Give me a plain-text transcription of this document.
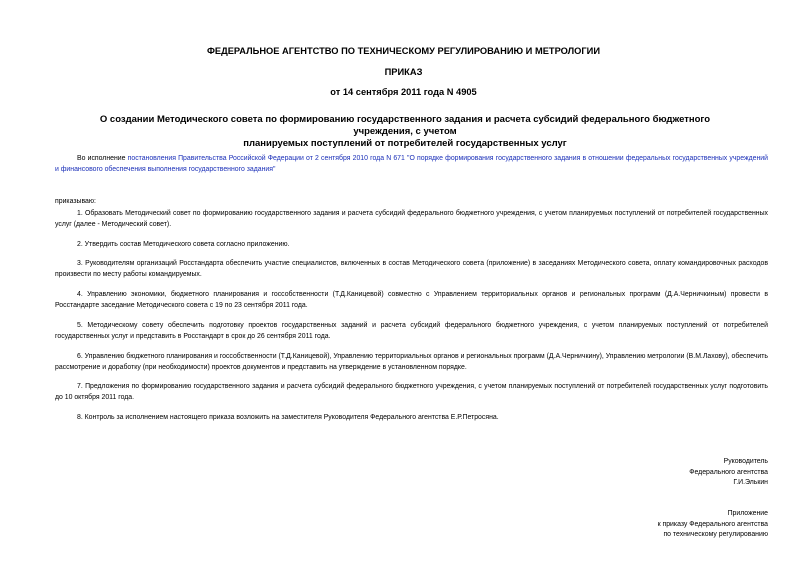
ФЕДЕРАЛЬНОЕ АГЕНТСТВО ПО ТЕХНИЧЕСКОМУ РЕГУЛИРОВАНИЮ И МЕТРОЛОГИИ
ПРИКАЗ
от 14 сентября 2011 года N 4905
О создании Методического совета по формированию государственного задания и расчета субсидий федерального бюджетного учреждения, с учетом
планируемых поступлений от потребителей государственных услуг
Во исполнение постановления Правительства Российской Федерации от 2 сентября 2010 года N 671 "О порядке формирования государственного задания в отношении федеральных государственных учреждений и финансового обеспечения выполнения государственного задания"
приказываю:
1. Образовать Методический совет по формированию государственного задания и расчета субсидий федерального бюджетного учреждения, с учетом планируемых поступлений от потребителей государственных услуг (далее - Методический совет).
2. Утвердить состав Методического совета согласно приложению.
3. Руководителям организаций Росстандарта обеспечить участие специалистов, включенных в состав Методического совета (приложение) в заседаниях Методического совета, оплату командировочных расходов произвести по месту работы командируемых.
4. Управлению экономики, бюджетного планирования и госсобственности (Т.Д.Каницевой) совместно с Управлением территориальных органов и региональных программ (Д.А.Черничкиным) провести в Росстандарте заседание Методического совета с 19 по 23 сентября 2011 года.
5. Методическому совету обеспечить подготовку проектов государственных заданий и расчета субсидий федерального бюджетного учреждения, с учетом планируемых поступлений от потребителей государственных услуг и представить в Росстандарт в срок до 26 сентября 2011 года.
6. Управлению бюджетного планирования и госсобственности (Т.Д.Каницевой), Управлению территориальных органов и региональных программ (Д.А.Черничкину), Управлению метрологии (В.М.Лахову), обеспечить рассмотрение и доработку (при необходимости) проектов документов и представить на утверждение в установленном порядке.
7. Предложения по формированию государственного задания и расчета субсидий федерального бюджетного учреждения, с учетом планируемых поступлений от потребителей государственных услуг подготовить до 10 октября 2011 года.
8. Контроль за исполнением настоящего приказа возложить на заместителя Руководителя Федерального агентства Е.Р.Петросяна.
Руководитель
Федерального агентства
Г.И.Элькин
Приложение
к приказу Федерального агентства
по техническому регулированию
